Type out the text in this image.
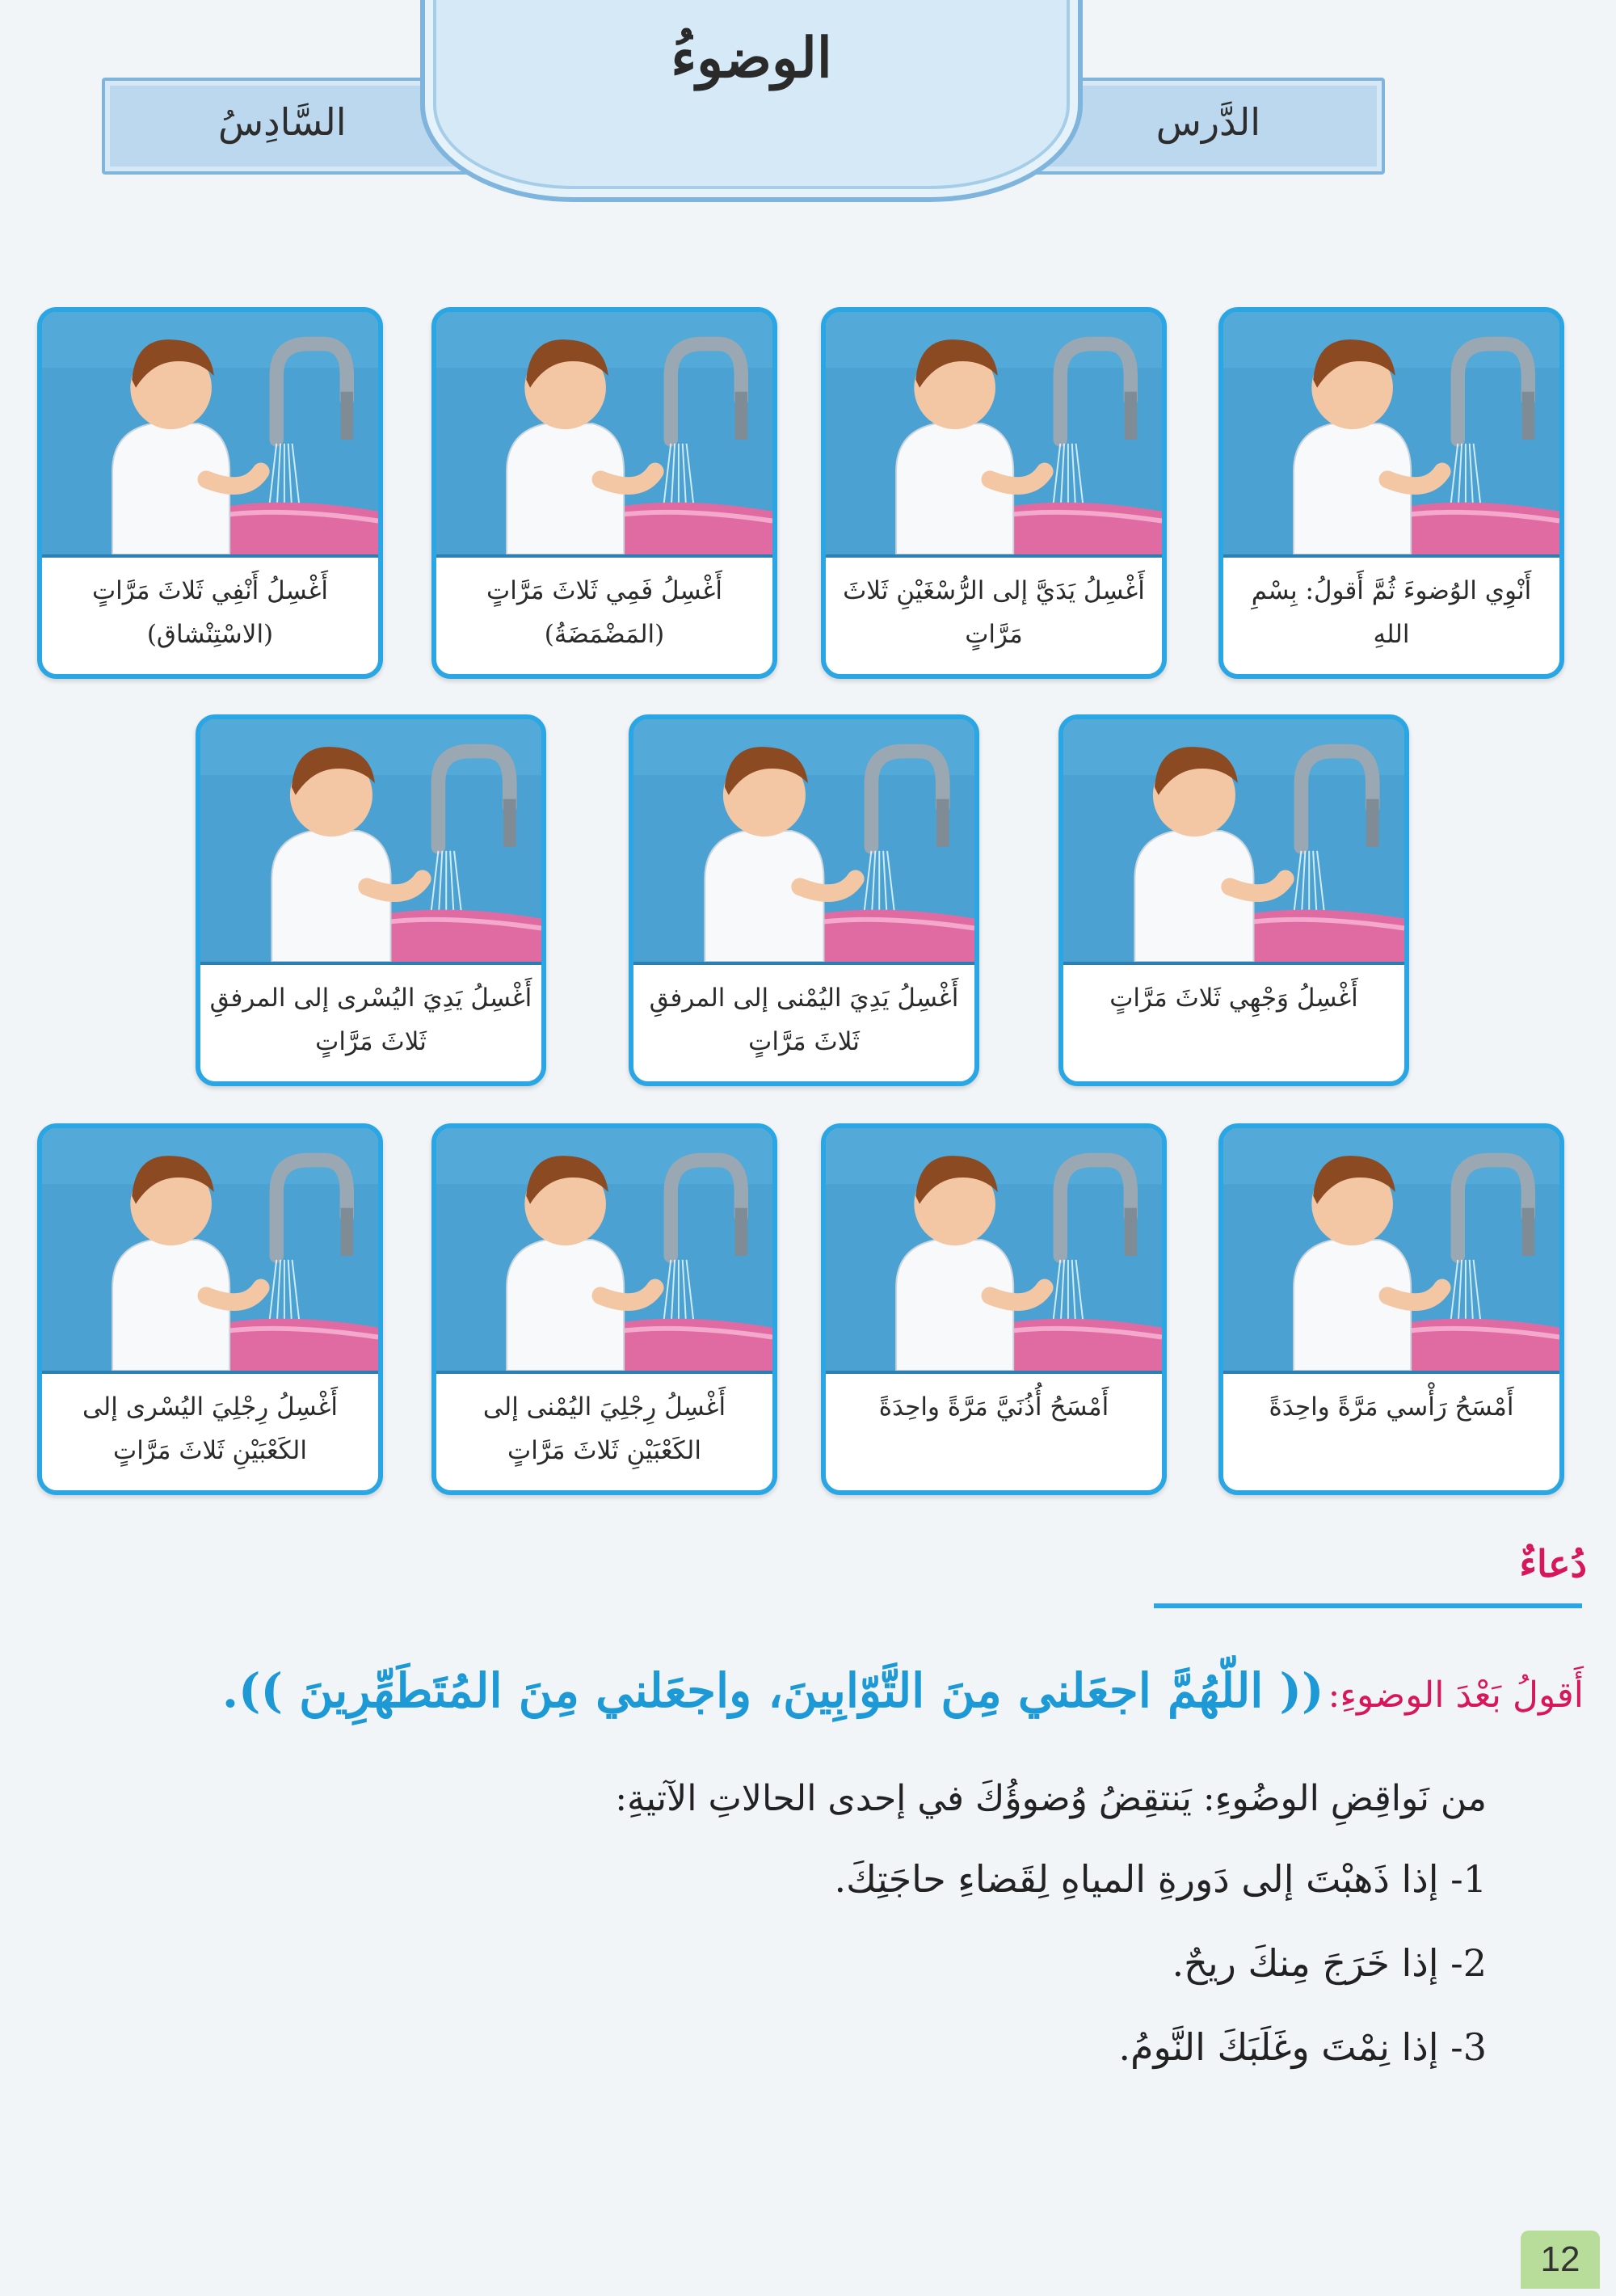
الدَّرس
السَّادِسُ
الوضوءُ
أَنْوِي الوُضوءَ ثُمَّ أَقولُ: بِسْمِ اللهِ
أَغْسِلُ يَدَيَّ إلى الرُّسْغَيْنِ ثَلاثَ مَرَّاتٍ
أَغْسِلُ فَمِي ثَلاثَ مَرَّاتٍ (المَضْمَضَةُ)
أَغْسِلُ أَنْفِي ثَلاثَ مَرَّاتٍ (الاسْتِنْشاق)
أَغْسِلُ وَجْهِي ثَلاثَ مَرَّاتٍ
أَغْسِلُ يَدِيَ اليُمْنى إلى المرفقِ ثَلاثَ مَرَّاتٍ
أَغْسِلُ يَدِيَ اليُسْرى إلى المرفقِ ثَلاثَ مَرَّاتٍ
أَمْسَحُ رَأْسي مَرَّةً واحِدَةً
أَمْسَحُ أُذُنَيَّ مَرَّةً واحِدَةً
أَغْسِلُ رِجْلِيَ اليُمْنى إلى الكَعْبَيْنِ ثَلاثَ مَرَّاتٍ
أَغْسِلُ رِجْلِيَ اليُسْرى إلى الكَعْبَيْنِ ثَلاثَ مَرَّاتٍ
دُعاءٌ
أَقولُ بَعْدَ الوضوءِ: (( اللّهُمَّ اجعَلني مِنَ التَّوّابِينَ، واجعَلني مِنَ المُتَطَهِّرِينَ )).
من نَواقِضِ الوضُوءِ: يَنتقِضُ وُضوؤُكَ في إحدى الحالاتِ الآتيةِ:
1- إذا ذَهبْتَ إلى دَورةِ المياهِ لِقَضاءِ حاجَتِكَ.
2- إذا خَرَجَ مِنكَ ريحٌ.
3- إذا نِمْتَ وغَلَبَكَ النَّومُ.
12
